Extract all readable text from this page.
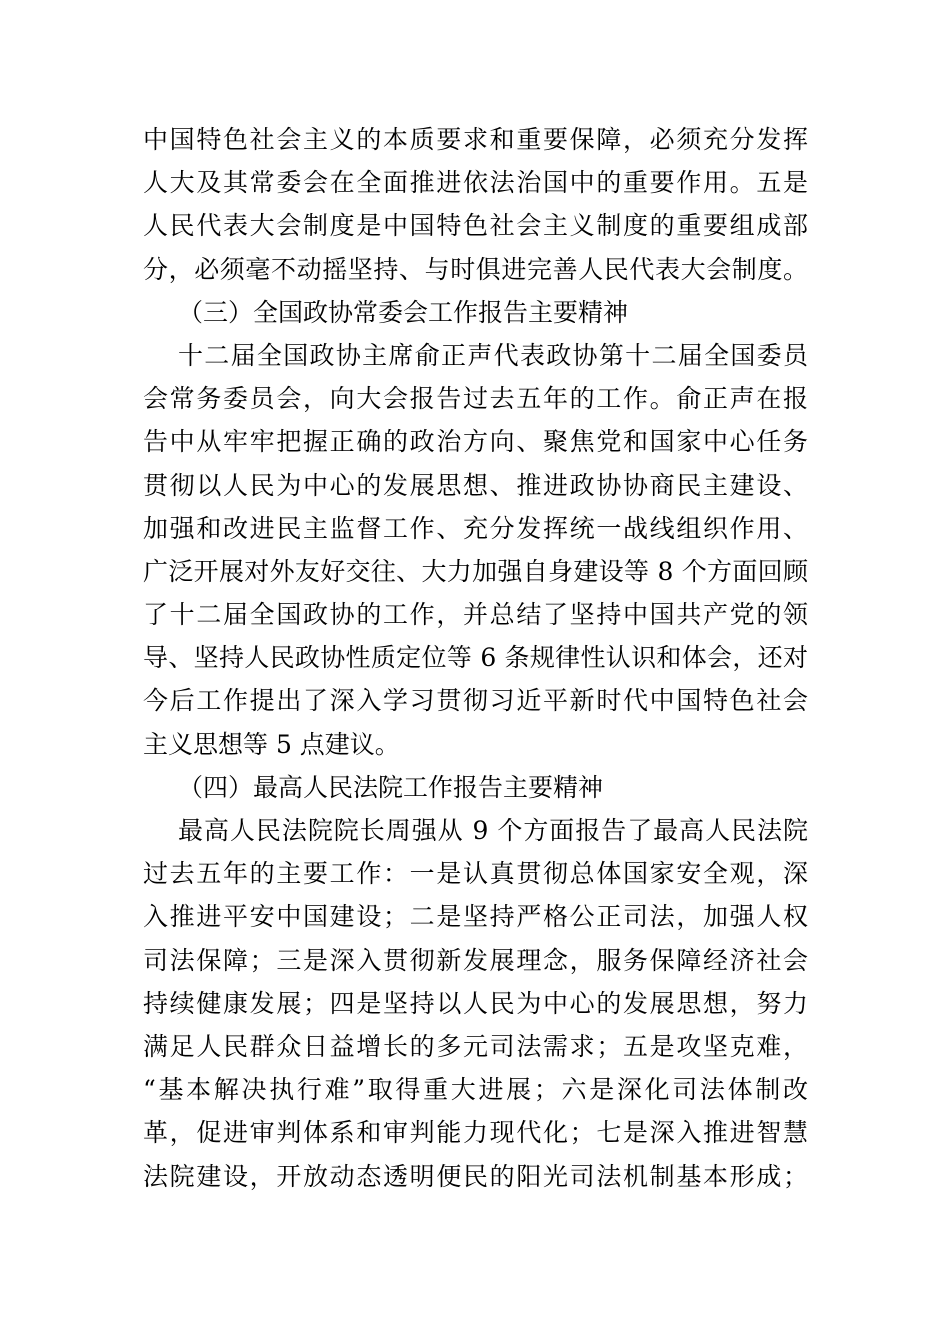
中国特色社会主义的本质要求和重要保障，必须充分发挥
人大及其常委会在全面推进依法治国中的重要作用。五是
人民代表大会制度是中国特色社会主义制度的重要组成部
分，必须毫不动摇坚持、与时俱进完善人民代表大会制度。
（三）全国政协常委会工作报告主要精神
十二届全国政协主席俞正声代表政协第十二届全国委员
会常务委员会，向大会报告过去五年的工作。俞正声在报
告中从牢牢把握正确的政治方向、聚焦党和国家中心任务
贯彻以人民为中心的发展思想、推进政协协商民主建设、
加强和改进民主监督工作、充分发挥统一战线组织作用、
广泛开展对外友好交往、大力加强自身建设等 8 个方面回顾
了十二届全国政协的工作，并总结了坚持中国共产党的领
导、坚持人民政协性质定位等 6 条规律性认识和体会，还对
今后工作提出了深入学习贯彻习近平新时代中国特色社会
主义思想等 5 点建议。
（四）最高人民法院工作报告主要精神
最高人民法院院长周强从 9 个方面报告了最高人民法院
过去五年的主要工作：一是认真贯彻总体国家安全观，深
入推进平安中国建设；二是坚持严格公正司法，加强人权
司法保障；三是深入贯彻新发展理念，服务保障经济社会
持续健康发展；四是坚持以人民为中心的发展思想，努力
满足人民群众日益增长的多元司法需求；五是攻坚克难，
“基本解决执行难”取得重大进展；六是深化司法体制改
革，促进审判体系和审判能力现代化；七是深入推进智慧
法院建设，开放动态透明便民的阳光司法机制基本形成；
